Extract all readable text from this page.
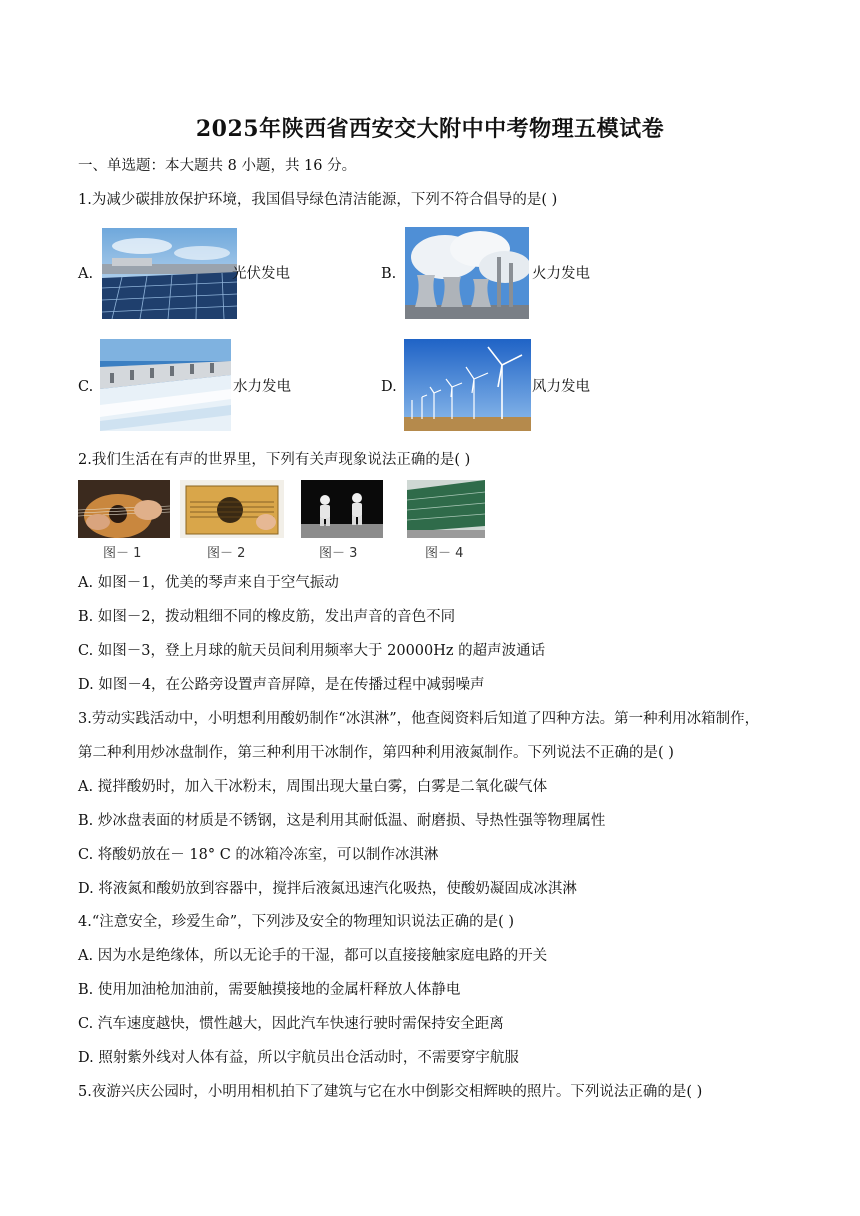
2025年陕西省西安交大附中中考物理五模试卷
一、单选题：本大题共 8 小题，共 16 分。
1.为减少碳排放保护环境，我国倡导绿色清洁能源，下列不符合倡导的是( )
A.	光伏发电	B.	火力发电
C.	水力发电	D.	风力发电
2.我们生活在有声的世界里，下列有关声现象说法正确的是( )
图－ 1	图－ 2	图－ 3	图－ 4
A. 如图－1，优美的琴声来自于空气振动
B. 如图－2，拨动粗细不同的橡皮筋，发出声音的音色不同
C. 如图－3，登上月球的航天员间利用频率大于 20000Hz 的超声波通话
D. 如图－4，在公路旁设置声音屏障，是在传播过程中减弱噪声
3.劳动实践活动中，小明想利用酸奶制作“冰淇淋”，他查阅资料后知道了四种方法。第一种利用冰箱制作，
第二种利用炒冰盘制作，第三种利用干冰制作，第四种利用液氮制作。下列说法不正确的是( )
A. 搅拌酸奶时，加入干冰粉末，周围出现大量白雾，白雾是二氧化碳气体
B. 炒冰盘表面的材质是不锈钢，这是利用其耐低温、耐磨损、导热性强等物理属性
C. 将酸奶放在－ 18° C 的冰箱冷冻室，可以制作冰淇淋
D. 将液氮和酸奶放到容器中，搅拌后液氮迅速汽化吸热，使酸奶凝固成冰淇淋
4.“注意安全，珍爱生命”，下列涉及安全的物理知识说法正确的是( )
A. 因为水是绝缘体，所以无论手的干湿，都可以直接接触家庭电路的开关
B. 使用加油枪加油前，需要触摸接地的金属杆释放人体静电
C. 汽车速度越快，惯性越大，因此汽车快速行驶时需保持安全距离
D. 照射紫外线对人体有益，所以宇航员出仓活动时，不需要穿宇航服
5.夜游兴庆公园时，小明用相机拍下了建筑与它在水中倒影交相辉映的照片。下列说法正确的是( )
